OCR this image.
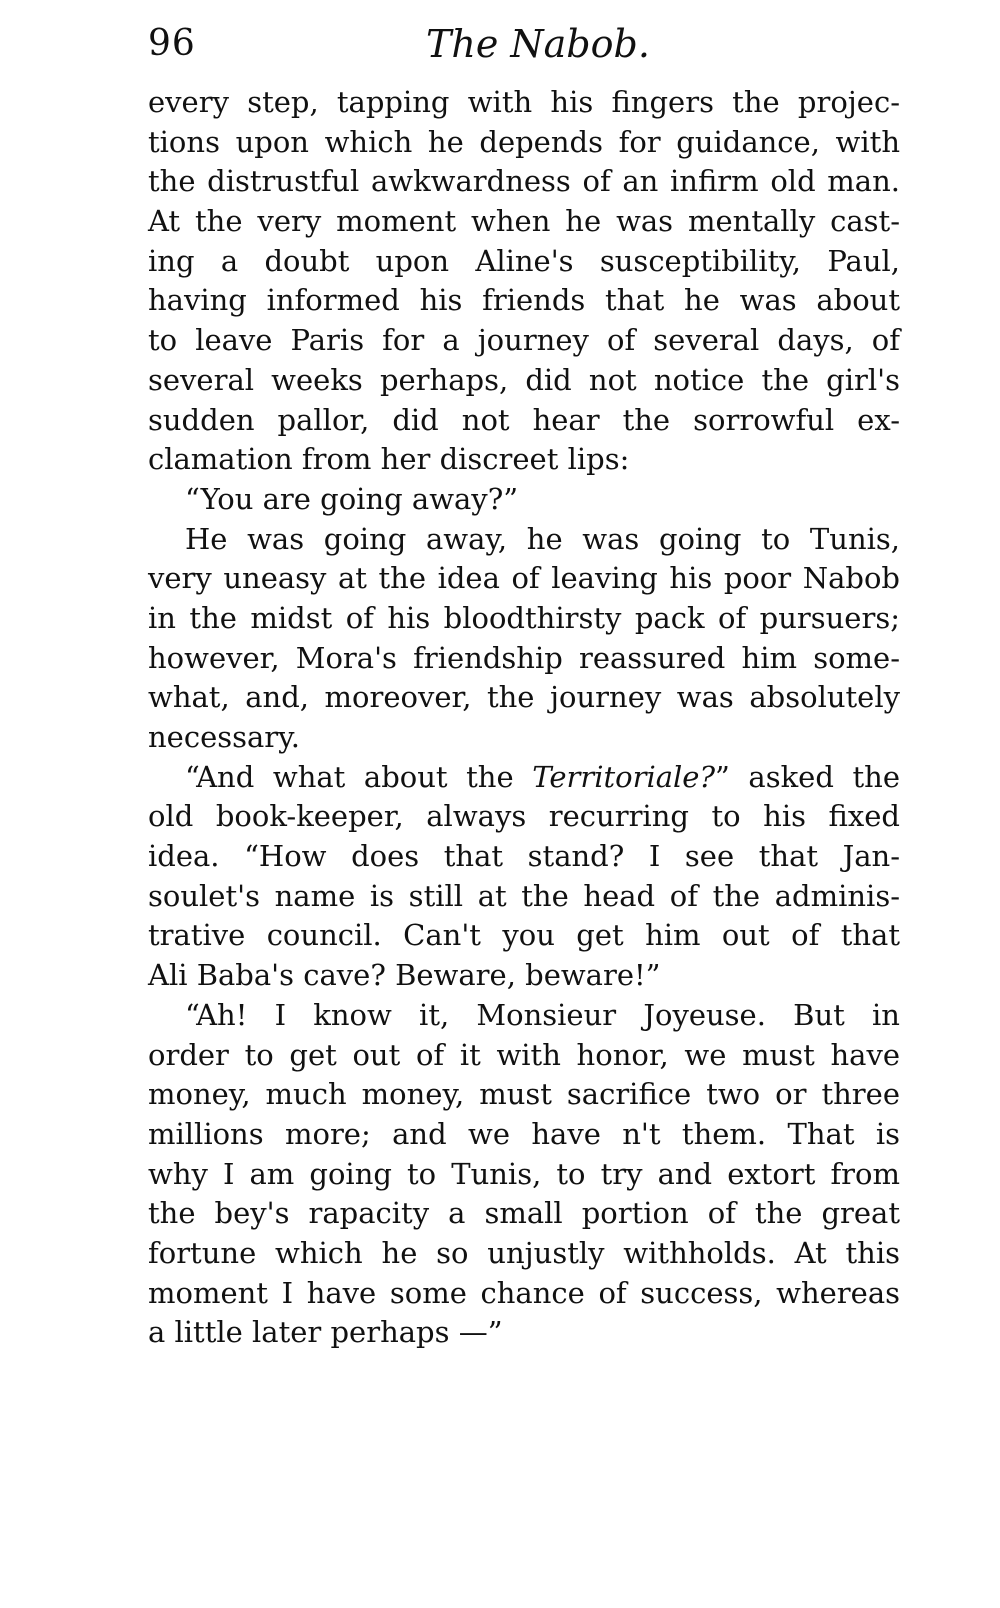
96	The Nabob.
every step, tapping with his fingers the projec-
tions upon which he depends for guidance, with
the distrustful awkwardness of an infirm old man.
At the very moment when he was mentally cast-
ing a doubt upon Aline's susceptibility, Paul,
having informed his friends that he was about
to leave Paris for a journey of several days, of
several weeks perhaps, did not notice the girl's
sudden pallor, did not hear the sorrowful ex-
clamation from her discreet lips:
“You are going away?”
He was going away, he was going to Tunis,
very uneasy at the idea of leaving his poor Nabob
in the midst of his bloodthirsty pack of pursuers;
however, Mora's friendship reassured him some-
what, and, moreover, the journey was absolutely
necessary.
“And what about the Territoriale?” asked the
old book-keeper, always recurring to his fixed
idea. “How does that stand? I see that Jan-
soulet's name is still at the head of the adminis-
trative council. Can't you get him out of that
Ali Baba's cave? Beware, beware!”
“Ah! I know it, Monsieur Joyeuse. But in
order to get out of it with honor, we must have
money, much money, must sacrifice two or three
millions more; and we have n't them. That is
why I am going to Tunis, to try and extort from
the bey's rapacity a small portion of the great
fortune which he so unjustly withholds. At this
moment I have some chance of success, whereas
a little later perhaps —”
